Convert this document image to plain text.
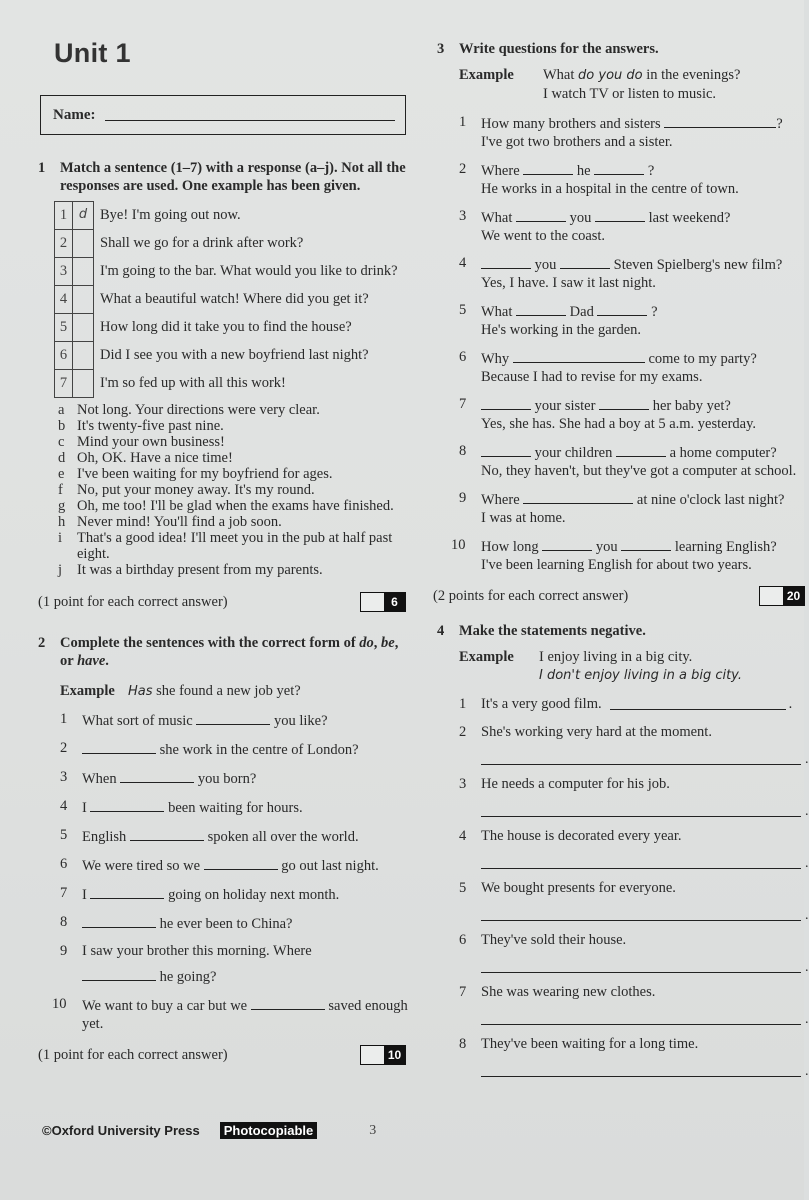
Unit 1
Name:
1	Match a sentence (1–7) with a response (a–j). Not all the responses are used. One example has been given.
1	d	Bye! I'm going out now.
2		Shall we go for a drink after work?
3		I'm going to the bar. What would you like to drink?
4		What a beautiful watch! Where did you get it?
5		How long did it take you to find the house?
6		Did I see you with a new boyfriend last night?
7		I'm so fed up with all this work!
a Not long. Your directions were very clear.
b It's twenty-five past nine.
c Mind your own business!
d Oh, OK. Have a nice time!
e I've been waiting for my boyfriend for ages.
f No, put your money away. It's my round.
g Oh, me too! I'll be glad when the exams have finished.
h Never mind! You'll find a job soon.
i	That's a good idea! I'll meet you in the pub at half past eight.
j	It was a birthday present from my parents.
(1 point for each correct answer)	6
2	Complete the sentences with the correct form of do, be, or have.
Example	Has she found a new job yet?
1	What sort of music	you like?
2	she work in the centre of London?
3	When	you born?
4	I	been waiting for hours.
5	English	spoken all over the world.
6	We were tired so we	go out last night.
7	I	going on holiday next month.
8	he ever been to China?
9	I saw your brother this morning. Where
he going?
10	We want to buy a car but we	saved enough yet.
(1 point for each correct answer)	10
3	Write questions for the answers.
Example	What do you do in the evenings?
I watch TV or listen to music.
1	How many brothers and sisters	?
I've got two brothers and a sister.
2	Where	he	?
He works in a hospital in the centre of town.
3	What	you	last weekend?
We went to the coast.
4	you	Steven Spielberg's new film?
Yes, I have. I saw it last night.
5	What	Dad	?
He's working in the garden.
6	Why	come to my party?
Because I had to revise for my exams.
7	your sister	her baby yet?
Yes, she has. She had a boy at 5 a.m. yesterday.
8	your children	a home computer?
No, they haven't, but they've got a computer at school.
9	Where	at nine o'clock last night?
I was at home.
10	How long	you	learning English?
I've been learning English for about two years.
(2 points for each correct answer)	20
4	Make the statements negative.
Example	I enjoy living in a big city.
I don't enjoy living in a big city.
1	It's a very good film.	.
2	She's working very hard at the moment.
.
3	He needs a computer for his job.
.
4	The house is decorated every year.
.
5	We bought presents for everyone.
.
6	They've sold their house.
.
7	She was wearing new clothes.
.
8	They've been waiting for a long time.
.
©Oxford University Press	Photocopiable	3
